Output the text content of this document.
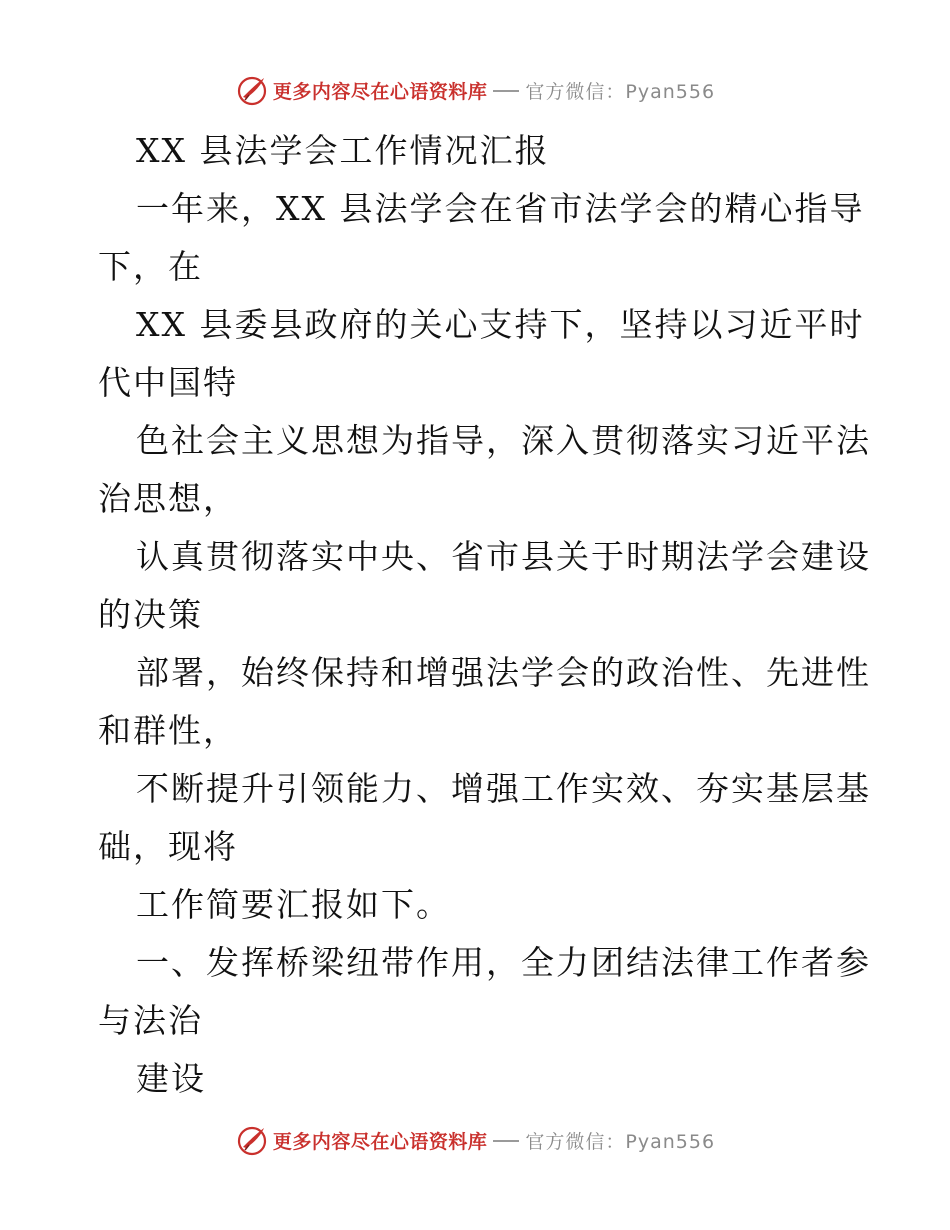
更多内容尽在心语资料库 官方微信：Pyan556
XX 县法学会工作情况汇报
一年来，XX 县法学会在省市法学会的精心指导
下，在
XX 县委县政府的关心支持下，坚持以习近平时
代中国特
色社会主义思想为指导，深入贯彻落实习近平法
治思想，
认真贯彻落实中央、省市县关于时期法学会建设
的决策
部署，始终保持和增强法学会的政治性、先进性
和群性，
不断提升引领能力、增强工作实效、夯实基层基
础，现将
工作简要汇报如下。
一、发挥桥梁纽带作用，全力团结法律工作者参
与法治
建设
更多内容尽在心语资料库 官方微信：Pyan556
